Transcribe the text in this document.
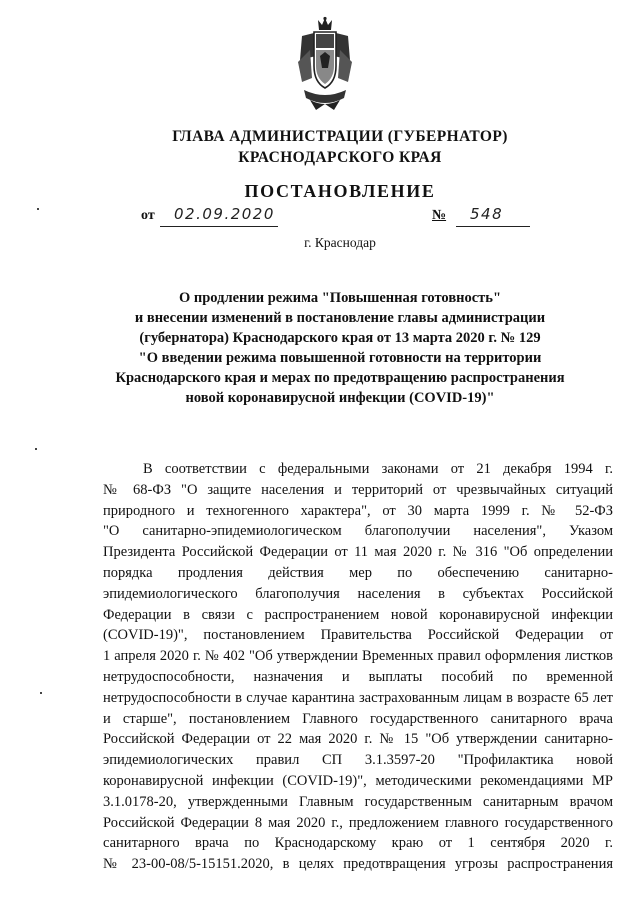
ГЛАВА АДМИНИСТРАЦИИ (ГУБЕРНАТОР)
КРАСНОДАРСКОГО КРАЯ
ПОСТАНОВЛЕНИЕ
от 02.09.2020	№ 548
г. Краснодар
О продлении режима "Повышенная готовность"
и внесении изменений в постановление главы администрации
(губернатора) Краснодарского края от 13 марта 2020 г. № 129
"О введении режима повышенной готовности на территории
Краснодарского края и мерах по предотвращению распространения
новой коронавирусной инфекции (COVID-19)"
В соответствии с федеральными законами от 21 декабря 1994 г.
№ 68-ФЗ "О защите населения и территорий от чрезвычайных ситуаций
природного и техногенного характера", от 30 марта 1999 г. № 52-ФЗ
"О санитарно-эпидемиологическом благополучии населения", Указом
Президента Российской Федерации от 11 мая 2020 г. № 316 "Об определении
порядка продления действия мер по обеспечению санитарно-
эпидемиологического благополучия населения в субъектах Российской
Федерации в связи с распространением новой коронавирусной инфекции
(COVID-19)", постановлением Правительства Российской Федерации от
1 апреля 2020 г. № 402 "Об утверждении Временных правил оформления листков
нетрудоспособности, назначения и выплаты пособий по временной
нетрудоспособности в случае карантина застрахованным лицам в возрасте 65 лет
и старше", постановлением Главного государственного санитарного врача
Российской Федерации от 22 мая 2020 г. № 15 "Об утверждении санитарно-
эпидемиологических правил СП 3.1.3597-20 "Профилактика новой
коронавирусной инфекции (COVID-19)", методическими рекомендациями МР
3.1.0178-20, утвержденными Главным государственным санитарным врачом
Российской Федерации 8 мая 2020 г., предложением главного государственного
санитарного врача по Краснодарскому краю от 1 сентября 2020 г.
№ 23-00-08/5-15151.2020, в целях предотвращения угрозы распространения
